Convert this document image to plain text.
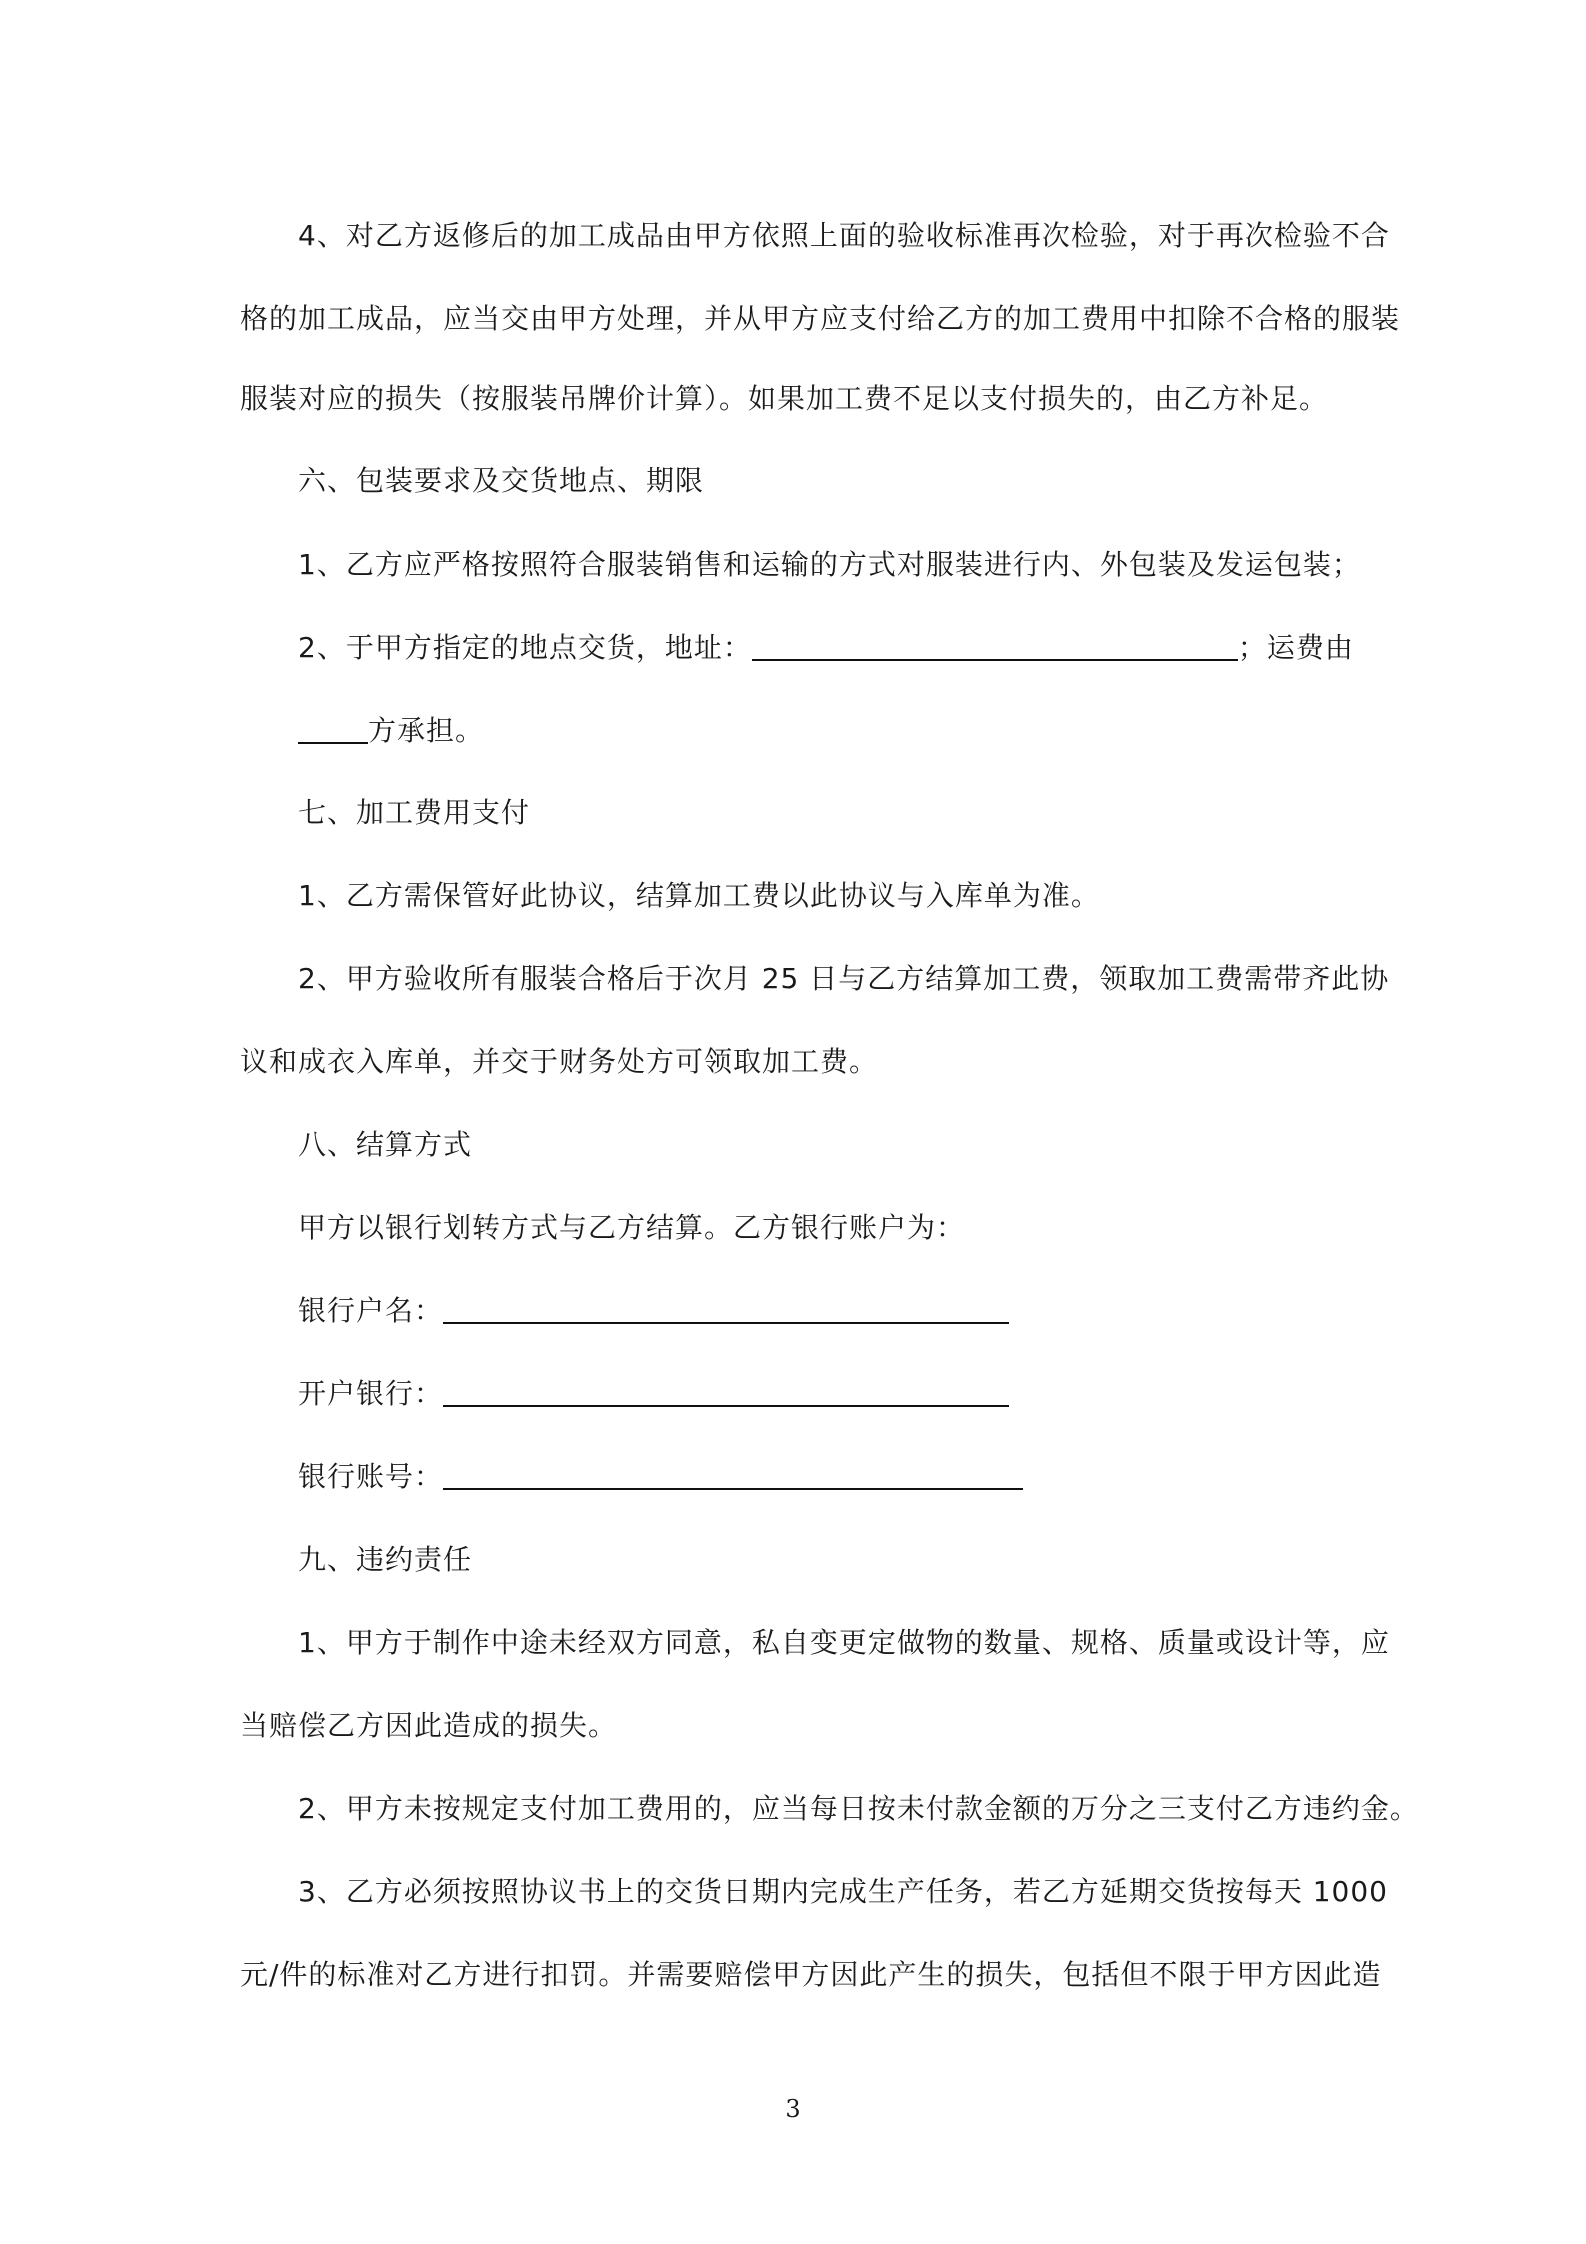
4、对乙方返修后的加工成品由甲方依照上面的验收标准再次检验，对于再次检验不合
格的加工成品，应当交由甲方处理，并从甲方应支付给乙方的加工费用中扣除不合格的服装
服装对应的损失（按服装吊牌价计算）。如果加工费不足以支付损失的，由乙方补足。
六、包装要求及交货地点、期限
1、乙方应严格按照符合服装销售和运输的方式对服装进行内、外包装及发运包装；
2、于甲方指定的地点交货，地址：	；运费由
方承担。
七、加工费用支付
1、乙方需保管好此协议，结算加工费以此协议与入库单为准。
2、甲方验收所有服装合格后于次月 25 日与乙方结算加工费，领取加工费需带齐此协
议和成衣入库单，并交于财务处方可领取加工费。
八、结算方式
甲方以银行划转方式与乙方结算。乙方银行账户为：
银行户名：
开户银行：
银行账号：
九、违约责任
1、甲方于制作中途未经双方同意，私自变更定做物的数量、规格、质量或设计等，应
当赔偿乙方因此造成的损失。
2、甲方未按规定支付加工费用的，应当每日按未付款金额的万分之三支付乙方违约金。
3、乙方必须按照协议书上的交货日期内完成生产任务，若乙方延期交货按每天 1000
元/件的标准对乙方进行扣罚。并需要赔偿甲方因此产生的损失，包括但不限于甲方因此造
3
